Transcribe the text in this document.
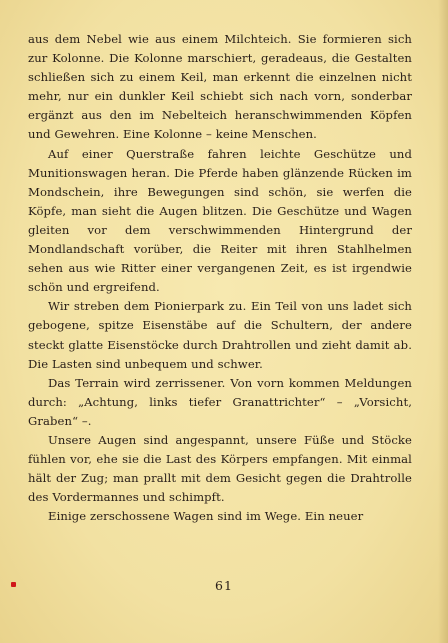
aus dem Nebel wie aus einem Milchteich. Sie formieren sich zur Kolonne. Die Kolonne marschiert, geradeaus, die Gestalten schließen sich zu einem Keil, man erkennt die einzelnen nicht mehr, nur ein dunkler Keil schiebt sich nach vorn, sonderbar ergänzt aus den im Nebelteich heranschwimmenden Köpfen und Gewehren. Eine Kolonne – keine Menschen.

Auf einer Querstraße fahren leichte Geschütze und Munitionswagen heran. Die Pferde haben glänzende Rücken im Mondschein, ihre Bewegungen sind schön, sie werfen die Köpfe, man sieht die Augen blitzen. Die Geschütze und Wagen gleiten vor dem verschwimmenden Hintergrund der Mondlandschaft vorüber, die Reiter mit ihren Stahlhelmen sehen aus wie Ritter einer vergangenen Zeit, es ist irgendwie schön und ergreifend.

Wir streben dem Pionierpark zu. Ein Teil von uns ladet sich gebogene, spitze Eisenstäbe auf die Schultern, der andere steckt glatte Eisenstöcke durch Drahtrollen und zieht damit ab. Die Lasten sind unbequem und schwer.

Das Terrain wird zerrissener. Von vorn kommen Meldungen durch: „Achtung, links tiefer Granattrichter“ – „Vorsicht, Graben“ –.

Unsere Augen sind angespannt, unsere Füße und Stöcke fühlen vor, ehe sie die Last des Körpers empfangen. Mit einmal hält der Zug; man prallt mit dem Gesicht gegen die Drahtrolle des Vordermannes und schimpft.

Einige zerschossene Wagen sind im Wege. Ein neuer

61
